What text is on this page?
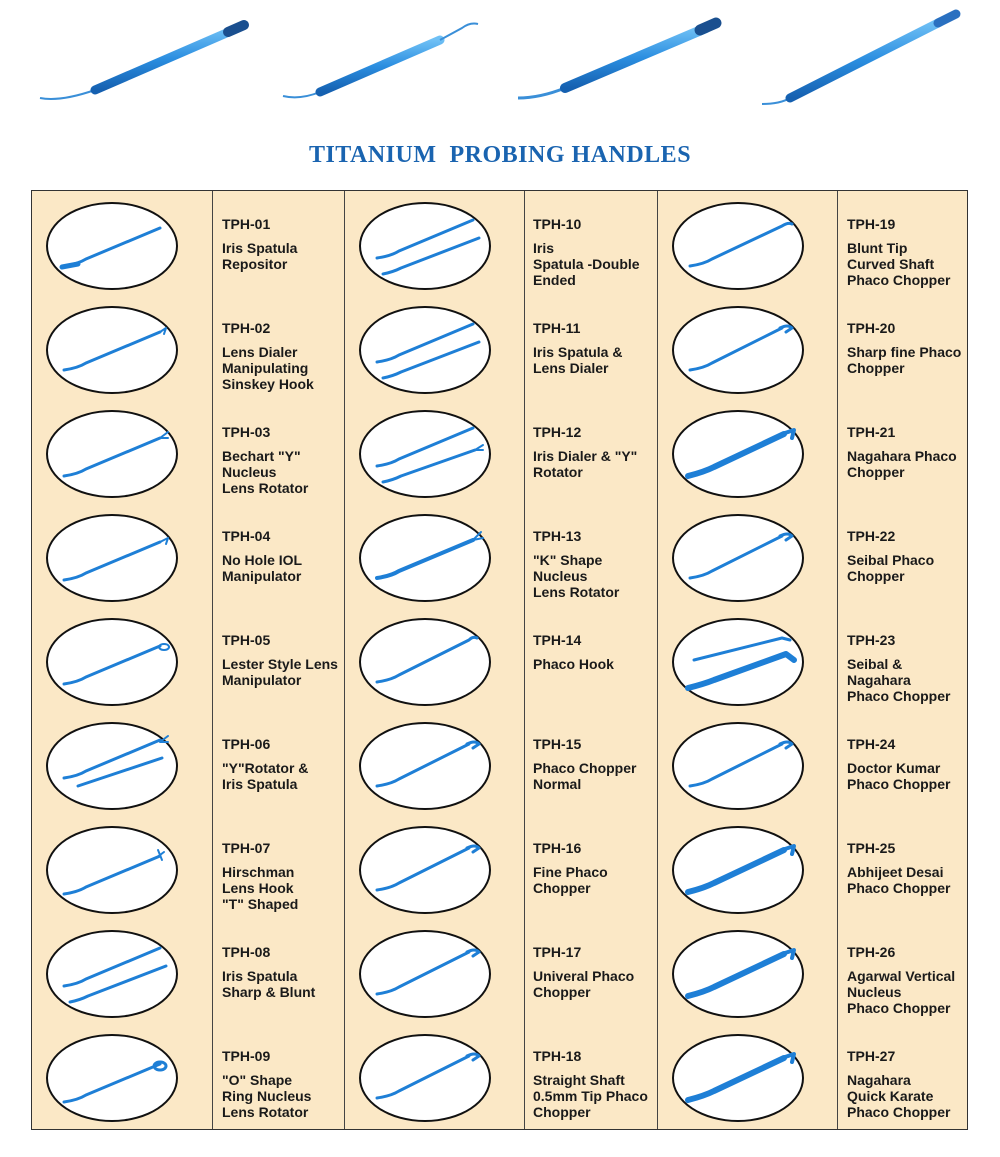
TITANIUM  PROBING HANDLES
TPH-01
Iris Spatula
Repositor
TPH-02
Lens Dialer
Manipulating
Sinskey Hook
TPH-03
Bechart "Y"
Nucleus
Lens Rotator
TPH-04
No Hole IOL
Manipulator
TPH-05
Lester Style Lens
Manipulator
TPH-06
"Y"Rotator &
Iris Spatula
TPH-07
Hirschman
Lens Hook
"T" Shaped
TPH-08
Iris Spatula
Sharp & Blunt
TPH-09
"O" Shape
Ring Nucleus
Lens Rotator
TPH-10
Iris
Spatula -Double
Ended
TPH-11
Iris Spatula &
Lens Dialer
TPH-12
Iris Dialer & "Y"
Rotator
TPH-13
"K" Shape
Nucleus
Lens Rotator
TPH-14
Phaco Hook
TPH-15
Phaco Chopper
Normal
TPH-16
Fine Phaco
Chopper
TPH-17
Univeral Phaco
Chopper
TPH-18
Straight Shaft
0.5mm Tip Phaco
Chopper
TPH-19
Blunt Tip
Curved Shaft
Phaco Chopper
TPH-20
Sharp fine Phaco
Chopper
TPH-21
Nagahara Phaco
Chopper
TPH-22
Seibal Phaco
Chopper
TPH-23
Seibal &
Nagahara
Phaco Chopper
TPH-24
Doctor Kumar
Phaco Chopper
TPH-25
Abhijeet Desai
Phaco Chopper
TPH-26
Agarwal Vertical
Nucleus
Phaco Chopper
TPH-27
Nagahara
Quick Karate
Phaco Chopper
